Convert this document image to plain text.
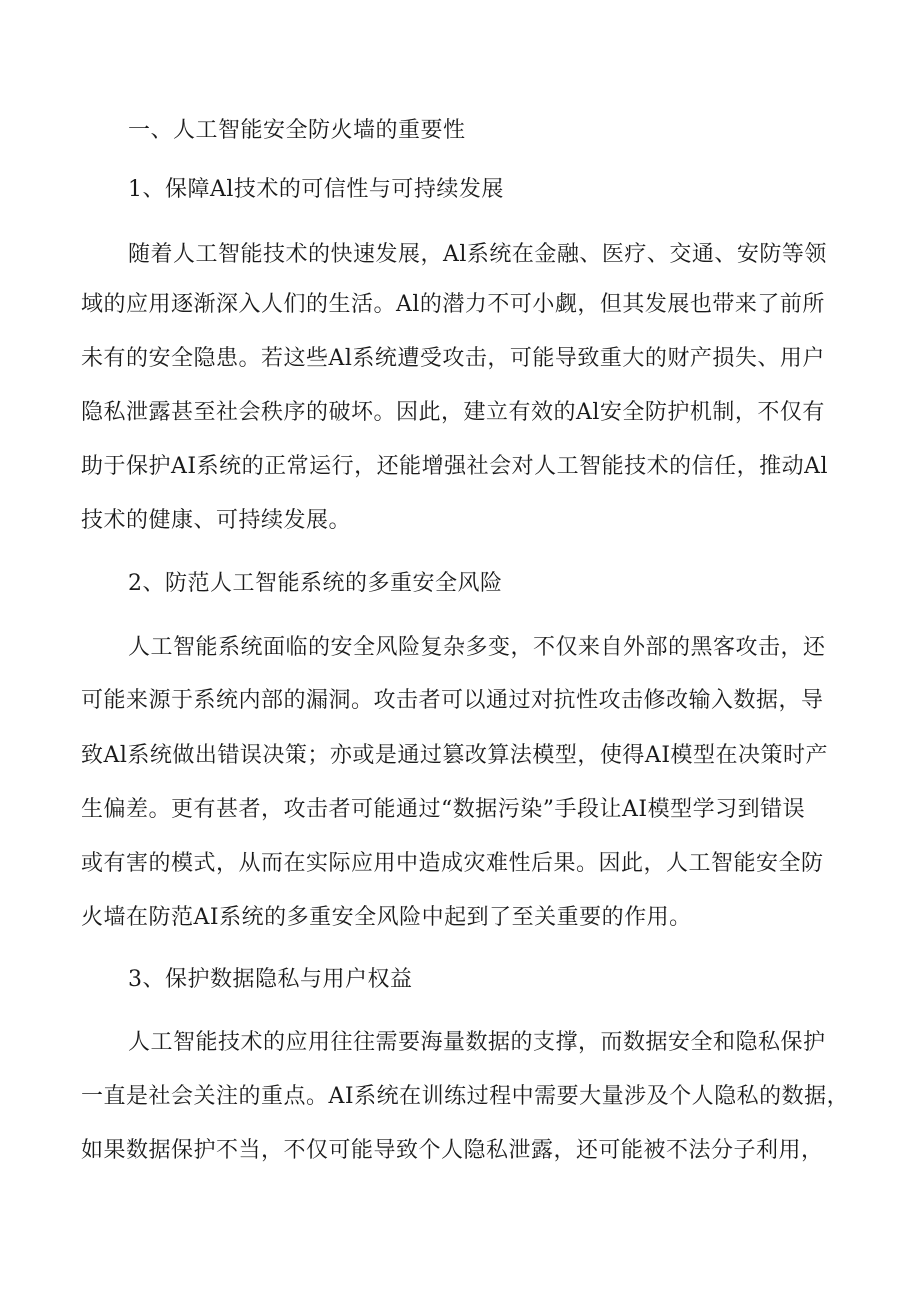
一、人工智能安全防火墙的重要性
1、保障Al技术的可信性与可持续发展
随着人工智能技术的快速发展，Al系统在金融、医疗、交通、安防等领
域的应用逐渐深入人们的生活。Al的潜力不可小觑，但其发展也带来了前所
未有的安全隐患。若这些Al系统遭受攻击，可能导致重大的财产损失、用户
隐私泄露甚至社会秩序的破坏。因此，建立有效的Al安全防护机制，不仅有
助于保护AI系统的正常运行，还能增强社会对人工智能技术的信任，推动Al
技术的健康、可持续发展。
2、防范人工智能系统的多重安全风险
人工智能系统面临的安全风险复杂多变，不仅来自外部的黑客攻击，还
可能来源于系统内部的漏洞。攻击者可以通过对抗性攻击修改输入数据，导
致Al系统做出错误决策；亦或是通过篡改算法模型，使得AI模型在决策时产
生偏差。更有甚者，攻击者可能通过“数据污染”手段让AI模型学习到错误
或有害的模式，从而在实际应用中造成灾难性后果。因此，人工智能安全防
火墙在防范AI系统的多重安全风险中起到了至关重要的作用。
3、保护数据隐私与用户权益
人工智能技术的应用往往需要海量数据的支撑，而数据安全和隐私保护
一直是社会关注的重点。AI系统在训练过程中需要大量涉及个人隐私的数据，
如果数据保护不当，不仅可能导致个人隐私泄露，还可能被不法分子利用，
